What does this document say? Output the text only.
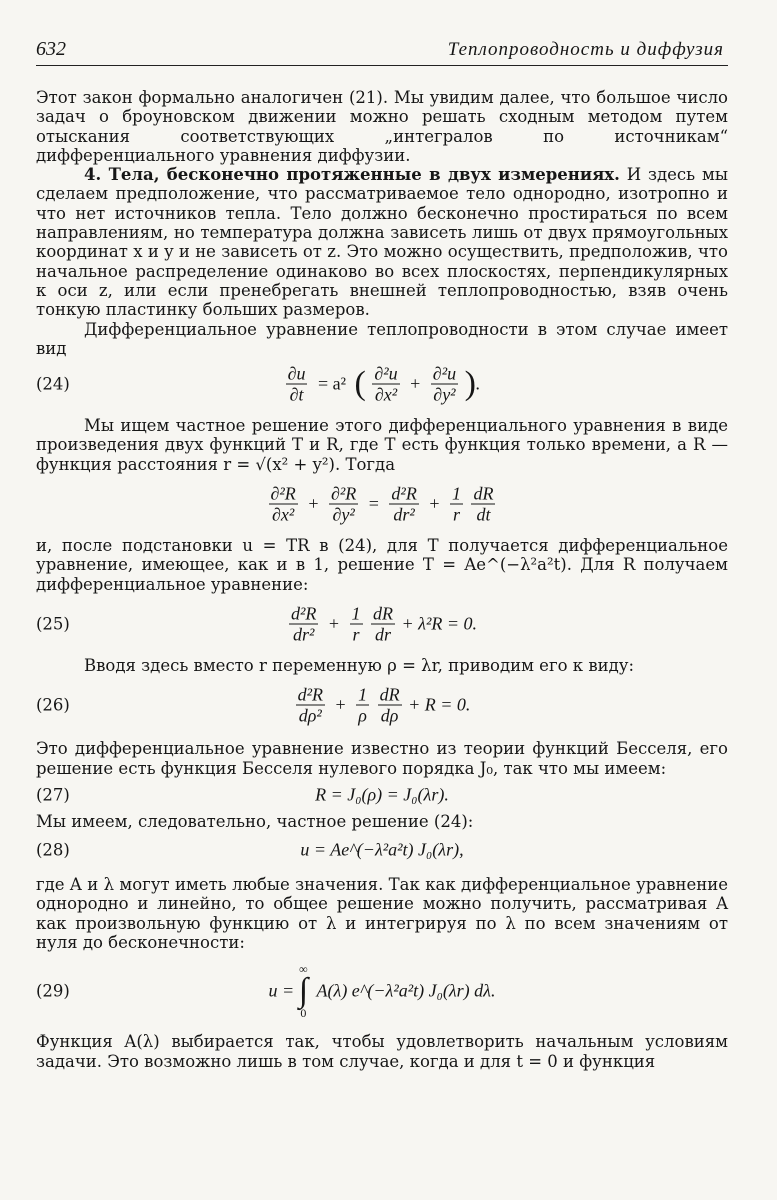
632	Теплопроводность и диффузия

Этот закон формально аналогичен (21). Мы увидим далее, что большое число задач о броуновском движении можно решать сходным методом путем отыскания соответствующих „интегралов по источникам“ дифференциального уравнения диффузии.

4. Тела, бесконечно протяженные в двух измерениях. И здесь мы сделаем предположение, что рассматриваемое тело однородно, изотропно и что нет источников тепла. Тело должно бесконечно простираться по всем направлениям, но температура должна зависеть лишь от двух прямоугольных координат x и y и не зависеть от z. Это можно осуществить, предположив, что начальное распределение одинаково во всех плоскостях, перпендикулярных к оси z, или если пренебрегать внешней теплопроводностью, взяв очень тонкую пластинку больших размеров.

Дифференциальное уравнение теплопроводности в этом случае имеет вид

(24)	$\frac{\partial u}{\partial t} = a^2$ ( $\frac{\text{∂²u}}{\text{∂x²}} + \frac{\text{∂²u}}{\text{∂y²}}$ ).

Мы ищем частное решение этого дифференциального уравнения в виде произведения двух функций T и R, где T есть функция только времени, а R — функция расстояния r = √(x² + y²). Тогда

$\frac{\text{∂²R}}{\text{∂x²}} + \frac{\text{∂²R}}{\text{∂y²}} = \frac{\text{d²R}}{\text{dr²}} + \frac{1}{r}$
$\frac{dR}{dt}$

и, после подстановки u = TR в (24), для T получается дифференциальное уравнение, имеющее, как и в 1, решение T = Ae^(−λ²a²t). Для R получаем дифференциальное уравнение:

(25)	$\frac{\text{d²R}}{\text{dr²}} + \frac{1}{r}$
$\frac{dR}{dr} + \lambda^2R = 0$.

Вводя здесь вместо r переменную ρ = λr, приводим его к виду:

(26)	$\frac{\text{d²R}}{\text{dρ²}} + \frac{1}{\rho}$
$\frac{dR}{d\rho} + R = 0$.

Это дифференциальное уравнение известно из теории функций Бесселя, его решение есть функция Бесселя нулевого порядка J₀, так что мы имеем:

(27)	R = J₀(ρ) = J₀(λr).

Мы имеем, следовательно, частное решение (24):

(28)	u = Ae^(−λ²a²t) J₀(λr),

где A и λ могут иметь любые значения. Так как дифференциальное уравнение однородно и линейно, то общее решение можно получить, рассматривая A как произвольную функцию от λ и интегрируя по λ по всем значениям от нуля до бесконечности:

(29)	u =
∞
∫
0
A(λ) e^(−λ²a²t) J₀(λr) dλ.

Функция A(λ) выбирается так, чтобы удовлетворить начальным условиям задачи. Это возможно лишь в том случае, когда и для t = 0 и функция
